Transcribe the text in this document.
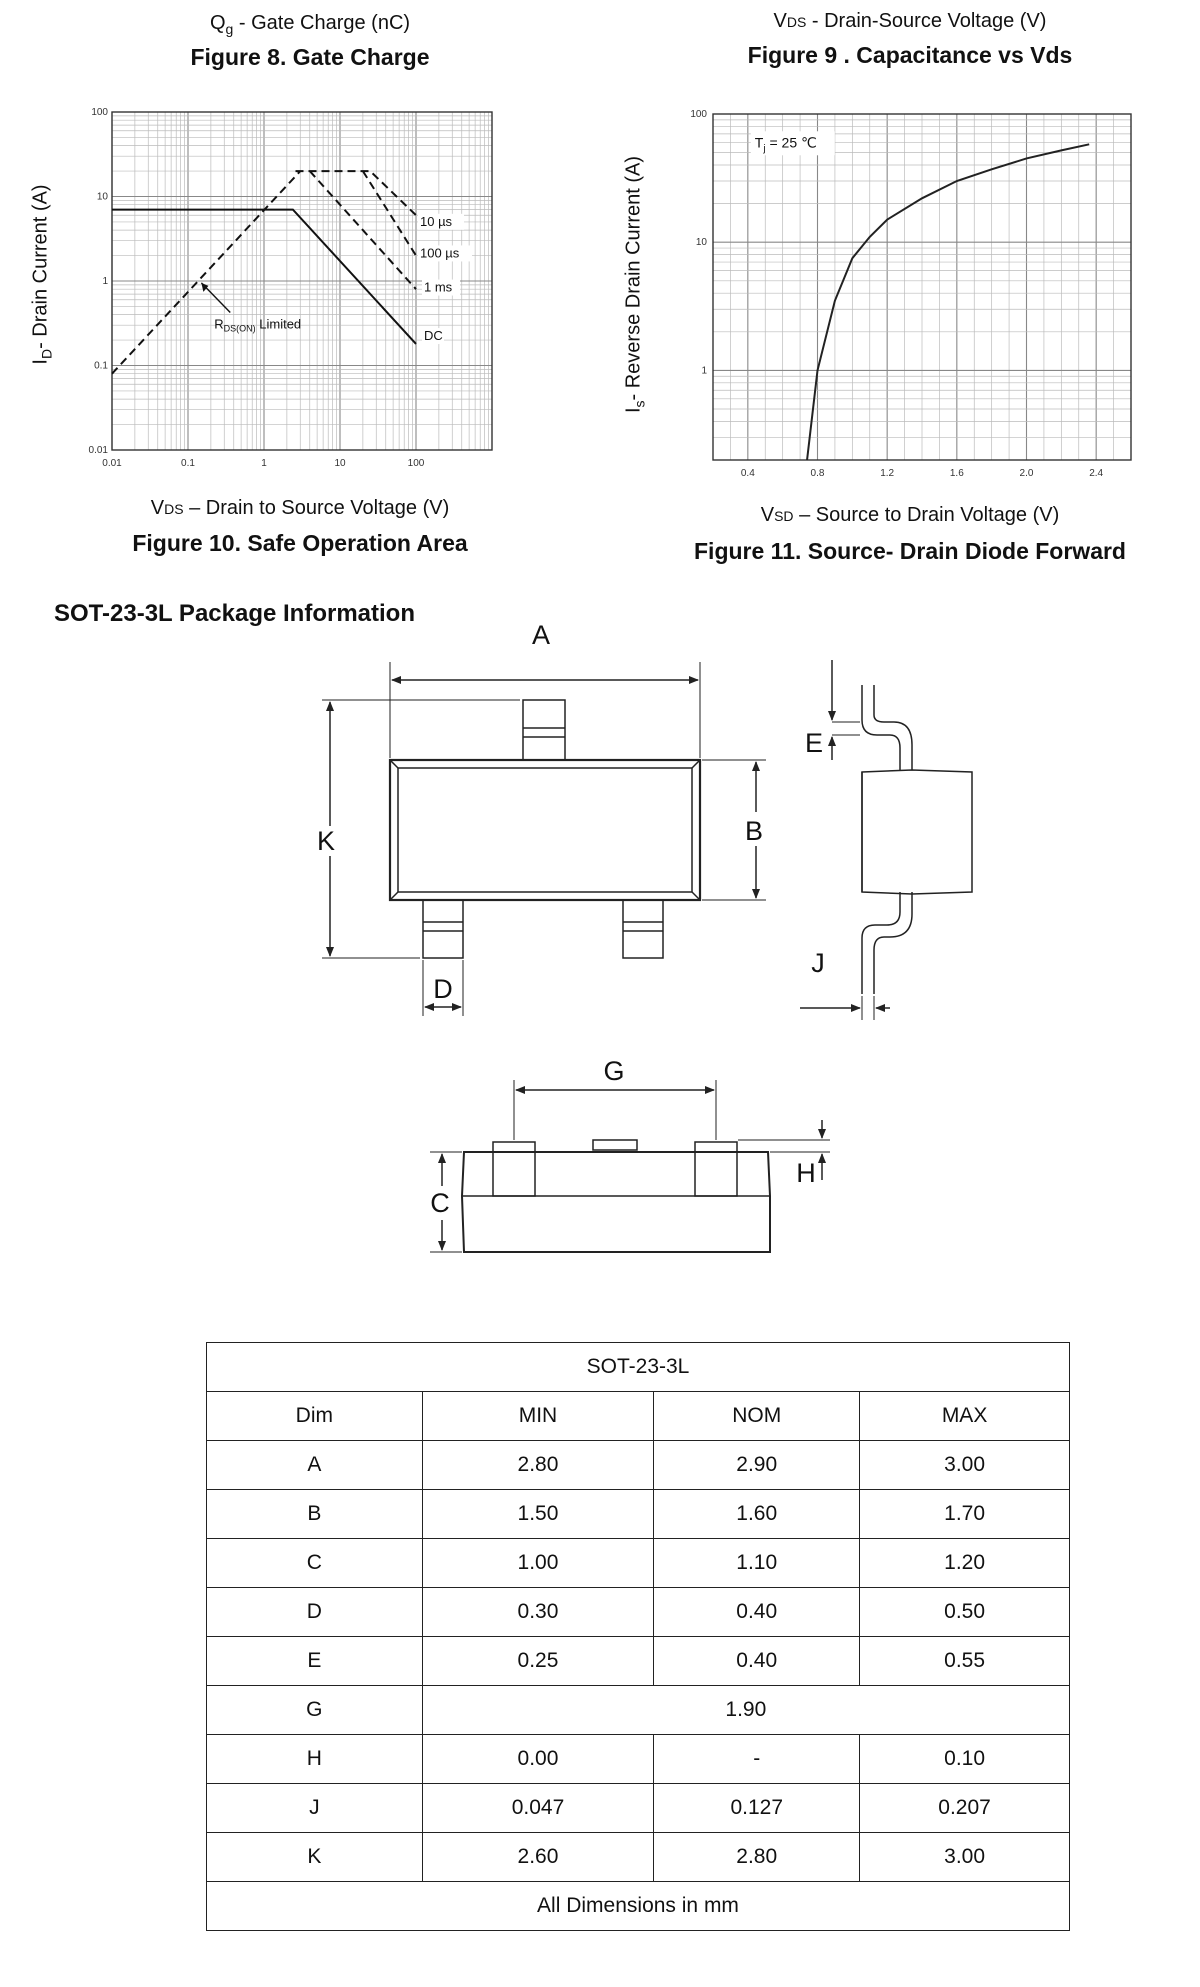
$Q_g$ - Gate Charge (nC)
Figure 8. Gate Charge
VDS - Drain-Source Voltage (V)
Figure 9 . Capacitance vs Vds
$I_D-$ Drain Current (A)
0.01	0.1	1	10	100
0.01
0.1
1
10
100
10 µs
100 µs
1 ms
DC
$R_{DS(ON)}$ Limited
VDS – Drain to Source Voltage (V)
Figure 10. Safe Operation Area
$I_s-$ Reverse Drain Current (A)
0.4	0.8	1.2	1.6	2.0	2.4
1
10
100
$T_j = 25$ ℃
VSD – Source to Drain Voltage (V)
Figure 11. Source- Drain Diode Forward
SOT-23-3L Package Information
A
K	B
D
E
J
G
C
H
SOT-23-3L			
Dim	MIN	NOM	MAX
A	2.80	2.90	3.00
B	1.50	1.60	1.70
C	1.00	1.10	1.20
D	0.30	0.40	0.50
E	0.25	0.40	0.55
G	1.90		
H	0.00	-	0.10
J	0.047	0.127	0.207
K	2.60	2.80	3.00
All Dimensions in mm			
